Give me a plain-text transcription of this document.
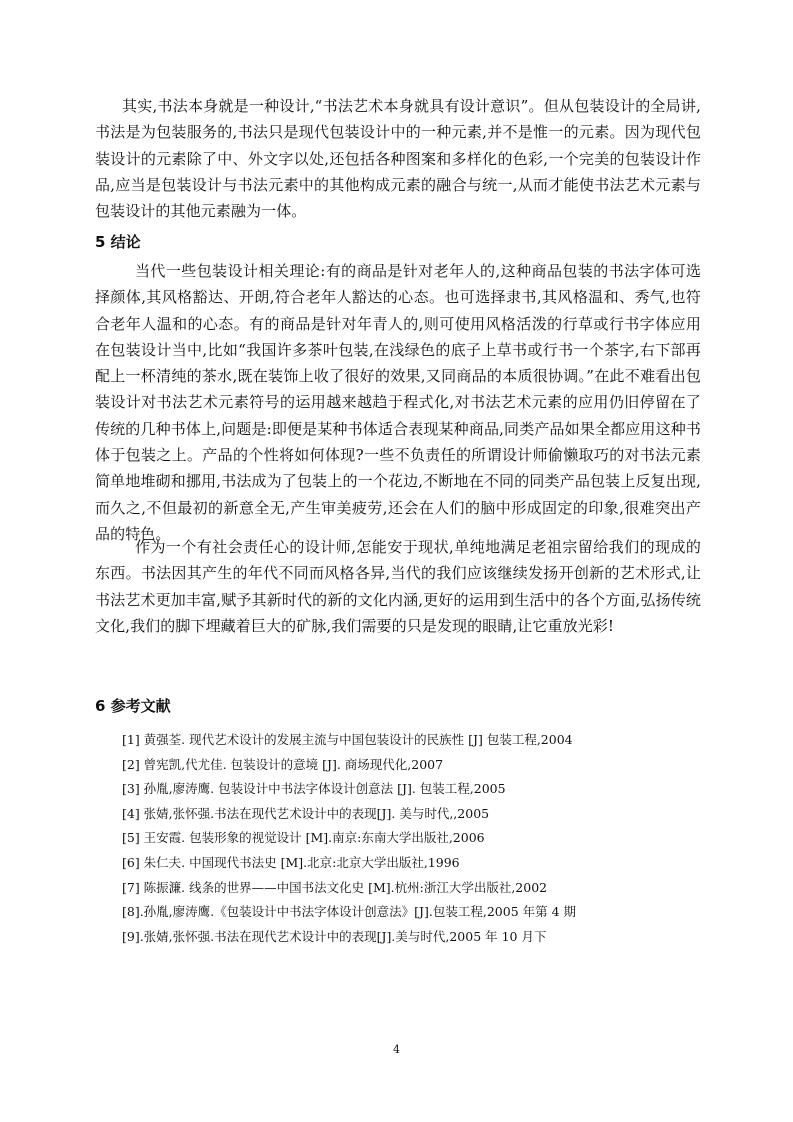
其实,书法本身就是一种设计,“书法艺术本身就具有设计意识”。但从包装设计的全局讲,书法是为包装服务的,书法只是现代包装设计中的一种元素,并不是惟一的元素。因为现代包装设计的元素除了中、外文字以处,还包括各种图案和多样化的色彩,一个完美的包装设计作品,应当是包装设计与书法元素中的其他构成元素的融合与统一,从而才能使书法艺术元素与包装设计的其他元素融为一体。

5 结论

当代一些包装设计相关理论:有的商品是针对老年人的,这种商品包装的书法字体可选择颜体,其风格豁达、开朗,符合老年人豁达的心态。也可选择隶书,其风格温和、秀气,也符合老年人温和的心态。有的商品是针对年青人的,则可使用风格活泼的行草或行书字体应用在包装设计当中,比如“我国许多茶叶包装,在浅绿色的底子上草书或行书一个茶字,右下部再配上一杯清纯的茶水,既在装饰上收了很好的效果,又同商品的本质很协调。”在此不难看出包装设计对书法艺术元素符号的运用越来越趋于程式化,对书法艺术元素的应用仍旧停留在了传统的几种书体上,问题是:即便是某种书体适合表现某种商品,同类产品如果全都应用这种书体于包装之上。产品的个性将如何体现?一些不负责任的所谓设计师偷懒取巧的对书法元素简单地堆砌和挪用,书法成为了包装上的一个花边,不断地在不同的同类产品包装上反复出现,而久之,不但最初的新意全无,产生审美疲劳,还会在人们的脑中形成固定的印象,很难突出产品的特色。

作为一个有社会责任心的设计师,怎能安于现状,单纯地满足老祖宗留给我们的现成的东西。书法因其产生的年代不同而风格各异,当代的我们应该继续发扬开创新的艺术形式,让书法艺术更加丰富,赋予其新时代的新的文化内涵,更好的运用到生活中的各个方面,弘扬传统文化,我们的脚下埋藏着巨大的矿脉,我们需要的只是发现的眼睛,让它重放光彩!

6 参考文献
[1] 黄强荃. 现代艺术设计的发展主流与中国包装设计的民族性 [J] 包装工程,2004
[2] 曾宪凯,代尤佳. 包装设计的意境 [J]. 商场现代化,2007
[3] 孙胤,廖涛鹰. 包装设计中书法字体设计创意法 [J]. 包装工程,2005
[4] 张婧,张怀强.书法在现代艺术设计中的表现[J]. 美与时代,,2005
[5] 王安霞. 包装形象的视觉设计 [M].南京:东南大学出版社,2006
[6] 朱仁夫. 中国现代书法史 [M].北京:北京大学出版社,1996
[7] 陈振濂. 线条的世界——中国书法文化史 [M].杭州:浙江大学出版社,2002
[8].孙胤,廖涛鹰.《包装设计中书法字体设计创意法》[J].包装工程,2005 年第 4 期
[9].张婧,张怀强.书法在现代艺术设计中的表现[J].美与时代,2005 年 10 月下
4
